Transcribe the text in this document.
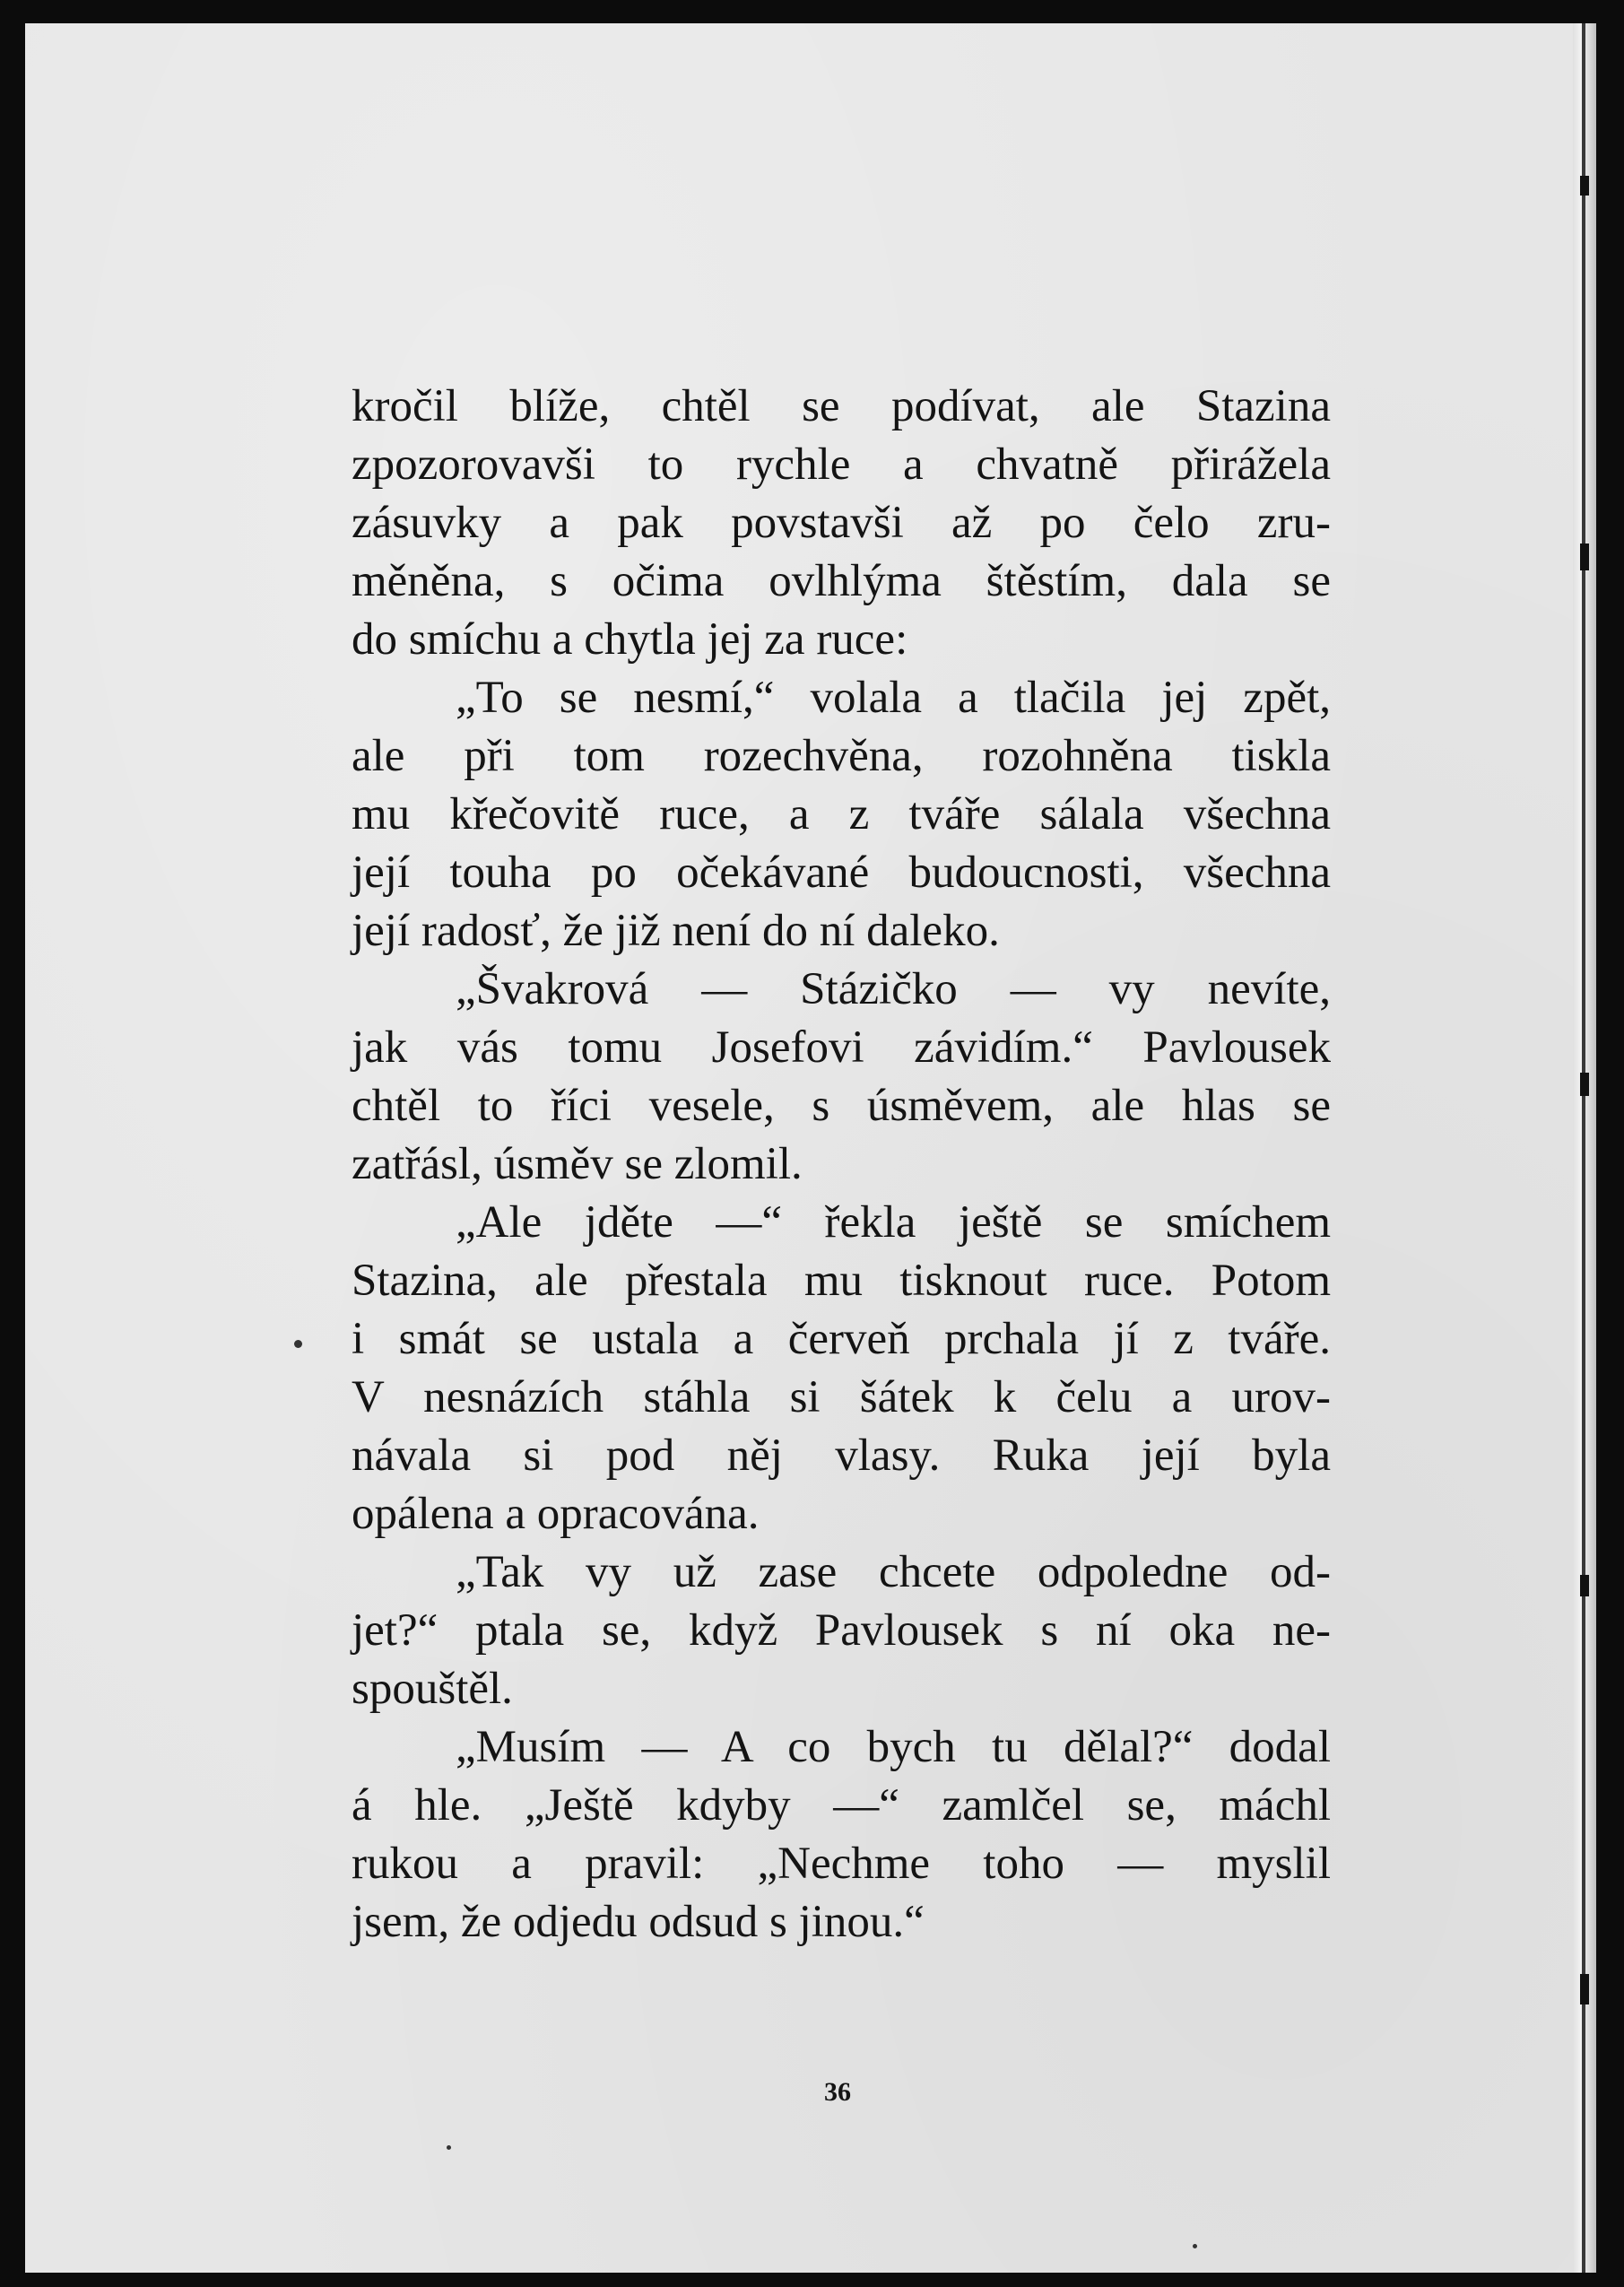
kročil blíže, chtěl se podívat, ale Stazina

zpozorovavši to rychle a chvatně přirážela

zásuvky a pak povstavši až po čelo zru-

měněna, s očima ovlhlýma štěstím, dala se

do smíchu a chytla jej za ruce:

„To se nesmí,“ volala a tlačila jej zpět,

ale při tom rozechvěna, rozohněna tiskla

mu křečovitě ruce, a z tváře sálala všechna

její touha po očekávané budoucnosti, všechna

její radosť, že již není do ní daleko.

„Švakrová — Stázičko — vy nevíte,

jak vás tomu Josefovi závidím.“ Pavlousek

chtěl to říci vesele, s úsměvem, ale hlas se

zatřásl, úsměv se zlomil.

„Ale jděte —“ řekla ještě se smíchem

Stazina, ale přestala mu tisknout ruce. Potom

i smát se ustala a červeň prchala jí z tváře.

V nesnázích stáhla si šátek k čelu a urov-

návala si pod něj vlasy. Ruka její byla

opálena a opracována.

„Tak vy už zase chcete odpoledne od-

jet?“ ptala se, když Pavlousek s ní oka ne-

spouštěl.

„Musím — A co bych tu dělal?“ dodal

á hle. „Ještě kdyby —“ zamlčel se, máchl

rukou a pravil: „Nechme toho — myslil

jsem, že odjedu odsud s jinou.“

36
